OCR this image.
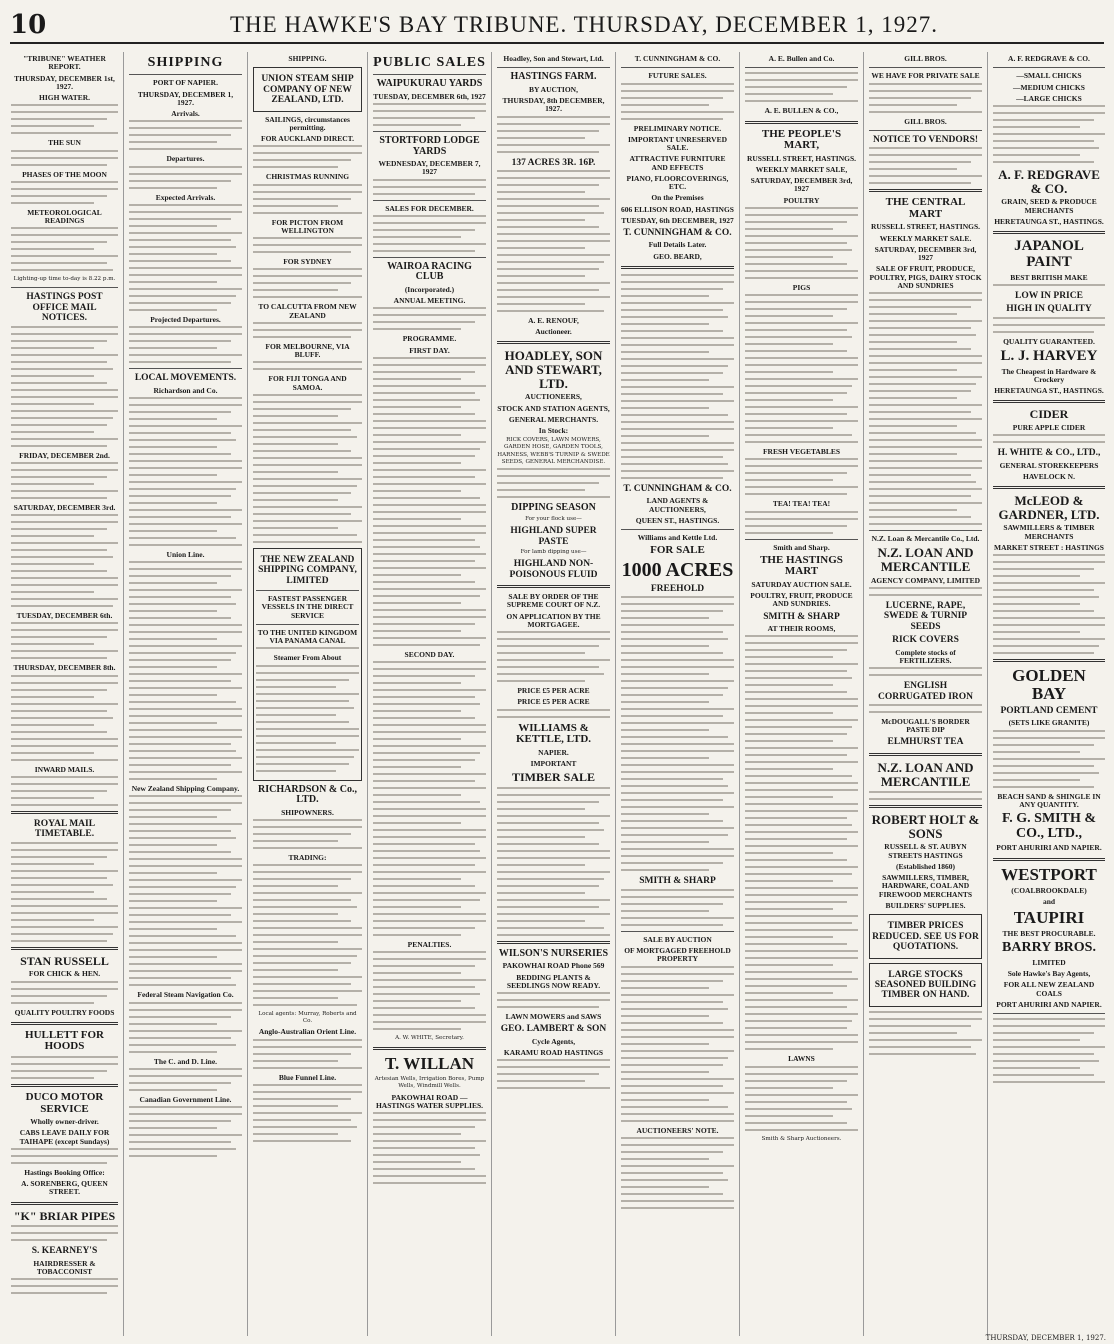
10	THE HAWKE'S BAY TRIBUNE. THURSDAY, DECEMBER 1, 1927.
"TRIBUNE" WEATHER REPORT.
THURSDAY, DECEMBER 1st, 1927.
HIGH WATER.
THE SUN
PHASES OF THE MOON
METEOROLOGICAL READINGS

Lighting-up time to-day is 8.22 p.m.

HASTINGS POST OFFICE MAIL NOTICES.
FRIDAY, DECEMBER 2nd.
SATURDAY, DECEMBER 3rd.
TUESDAY, DECEMBER 6th.
THURSDAY, DECEMBER 8th.
INWARD MAILS.
ROYAL MAIL TIMETABLE.
STAN RUSSELL
FOR CHICK & HEN.
QUALITY POULTRY FOODS
HULLETT FOR HOODS
DUCO MOTOR SERVICE
Wholly owner-driver.
CABS LEAVE DAILY FOR TAIHAPE (except Sundays)
Hastings Booking Office:
A. SORENBERG, QUEEN STREET.
"K" BRIAR PIPES
S. KEARNEY'S
HAIRDRESSER & TOBACCONIST
SHIPPING
PORT OF NAPIER.
THURSDAY, DECEMBER 1, 1927.
Arrivals.
Departures.
Expected Arrivals.
Projected Departures.
LOCAL MOVEMENTS.
Richardson and Co.
Union Line.
New Zealand Shipping Company.
Federal Steam Navigation Co.
The C. and D. Line.
Canadian Government Line.
SHIPPING.
UNION STEAM SHIP COMPANY OF NEW ZEALAND, LTD.
SAILINGS, circumstances permitting.
FOR AUCKLAND DIRECT.
CHRISTMAS RUNNING
FOR PICTON FROM WELLINGTON
FOR SYDNEY
TO CALCUTTA FROM NEW ZEALAND
FOR MELBOURNE, VIA BLUFF.
FOR FIJI TONGA AND SAMOA.
THE NEW ZEALAND SHIPPING COMPANY, LIMITED
FASTEST PASSENGER VESSELS IN THE DIRECT SERVICE
TO THE UNITED KINGDOM VIA PANAMA CANAL
Steamer From About
RICHARDSON & Co., LTD.
SHIPOWNERS.
TRADING:

Local agents: Murray, Roberts and Co.

Anglo-Australian Orient Line.
Blue Funnel Line.
PUBLIC SALES
WAIPUKURAU YARDS
TUESDAY, DECEMBER 6th, 1927
STORTFORD LODGE YARDS
WEDNESDAY, DECEMBER 7, 1927
SALES FOR DECEMBER.
WAIROA RACING CLUB
(Incorporated.)
ANNUAL MEETING.
PROGRAMME.
FIRST DAY.
SECOND DAY.
PENALTIES.

A. W. WHITE, Secretary.

T. WILLAN

Artesian Wells, Irrigation Bores, Pump Wells, Windmill Wells.

PAKOWHAI ROAD — HASTINGS WATER SUPPLIES.
Hoadley, Son and Stewart, Ltd.
HASTINGS FARM.
BY AUCTION,
THURSDAY, 8th DECEMBER, 1927.
137 ACRES 3R. 16P.
A. E. RENOUF,
Auctioneer.
HOADLEY, SON AND STEWART, LTD.
AUCTIONEERS,
STOCK AND STATION AGENTS,
GENERAL MERCHANTS.
In Stock:

RICK COVERS, LAWN MOWERS, GARDEN HOSE, GARDEN TOOLS, HARNESS, WEBB'S TURNIP & SWEDE SEEDS, GENERAL MERCHANDISE.

DIPPING SEASON

For your flock use—

HIGHLAND SUPER PASTE

For lamb dipping use—

HIGHLAND NON-POISONOUS FLUID
SALE BY ORDER OF THE SUPREME COURT OF N.Z.
ON APPLICATION BY THE MORTGAGEE.
PRICE £5 PER ACRE
PRICE £5 PER ACRE
WILLIAMS & KETTLE, LTD.
NAPIER.
IMPORTANT
TIMBER SALE
WILSON'S NURSERIES
PAKOWHAI ROAD Phone 569
BEDDING PLANTS & SEEDLINGS NOW READY.
LAWN MOWERS and SAWS
GEO. LAMBERT & SON
Cycle Agents,
KARAMU ROAD HASTINGS
T. CUNNINGHAM & CO.
FUTURE SALES.
PRELIMINARY NOTICE.
IMPORTANT UNRESERVED SALE.
ATTRACTIVE FURNITURE AND EFFECTS
PIANO, FLOORCOVERINGS, ETC.
On the Premises
606 ELLISON ROAD, HASTINGS
TUESDAY, 6th DECEMBER, 1927
T. CUNNINGHAM & CO.
Full Details Later.
GEO. BEARD,
T. CUNNINGHAM & CO.
LAND AGENTS & AUCTIONEERS,
QUEEN ST., HASTINGS.
Williams and Kettle Ltd.
FOR SALE
1000 ACRES
FREEHOLD
SMITH & SHARP
SALE BY AUCTION
OF MORTGAGED FREEHOLD PROPERTY
AUCTIONEERS' NOTE.
A. E. Bullen and Co.
A. E. BULLEN & CO.,
THE PEOPLE'S MART,
RUSSELL STREET, HASTINGS.
WEEKLY MARKET SALE,
SATURDAY, DECEMBER 3rd, 1927
POULTRY
PIGS
FRESH VEGETABLES
TEA! TEA! TEA!
Smith and Sharp.
THE HASTINGS MART
SATURDAY AUCTION SALE.
POULTRY, FRUIT, PRODUCE AND SUNDRIES.
SMITH & SHARP
AT THEIR ROOMS,
LAWNS

Smith & Sharp Auctioneers.

GILL BROS.
WE HAVE FOR PRIVATE SALE
GILL BROS.
NOTICE TO VENDORS!
THE CENTRAL MART
RUSSELL STREET, HASTINGS.
WEEKLY MARKET SALE.
SATURDAY, DECEMBER 3rd, 1927
SALE OF FRUIT, PRODUCE, POULTRY, PIGS, DAIRY STOCK AND SUNDRIES
N.Z. Loan & Mercantile Co., Ltd.
N.Z. LOAN AND MERCANTILE
AGENCY COMPANY, LIMITED
LUCERNE, RAPE, SWEDE & TURNIP SEEDS
RICK COVERS
Complete stocks of FERTILIZERS.
ENGLISH CORRUGATED IRON
McDOUGALL'S BORDER PASTE DIP
ELMHURST TEA
N.Z. LOAN AND MERCANTILE
ROBERT HOLT & SONS
RUSSELL & ST. AUBYN STREETS HASTINGS
(Established 1860)
SAWMILLERS, TIMBER, HARDWARE, COAL AND FIREWOOD MERCHANTS
BUILDERS' SUPPLIES.
TIMBER PRICES REDUCED. SEE US FOR QUOTATIONS.
LARGE STOCKS SEASONED BUILDING TIMBER ON HAND.
A. F. REDGRAVE & CO.
—SMALL CHICKS
—MEDIUM CHICKS
—LARGE CHICKS
A. F. REDGRAVE & CO.
GRAIN, SEED & PRODUCE MERCHANTS
HERETAUNGA ST., HASTINGS.
JAPANOL PAINT
BEST BRITISH MAKE
LOW IN PRICE
HIGH IN QUALITY
QUALITY GUARANTEED.
L. J. HARVEY
The Cheapest in Hardware & Crockery
HERETAUNGA ST., HASTINGS.
CIDER
PURE APPLE CIDER
H. WHITE & CO., LTD.,
GENERAL STOREKEEPERS
HAVELOCK N.
McLEOD & GARDNER, LTD.
SAWMILLERS & TIMBER MERCHANTS
MARKET STREET : HASTINGS
GOLDEN BAY
PORTLAND CEMENT
(SETS LIKE GRANITE)
BEACH SAND & SHINGLE IN ANY QUANTITY.
F. G. SMITH & CO., LTD.,
PORT AHURIRI AND NAPIER.
WESTPORT
(COALBROOKDALE)
and
TAUPIRI
THE BEST PROCURABLE.
BARRY BROS.
LIMITED
Sole Hawke's Bay Agents,
FOR ALL NEW ZEALAND COALS
PORT AHURIRI AND NAPIER.
THURSDAY, DECEMBER 1, 1927.
